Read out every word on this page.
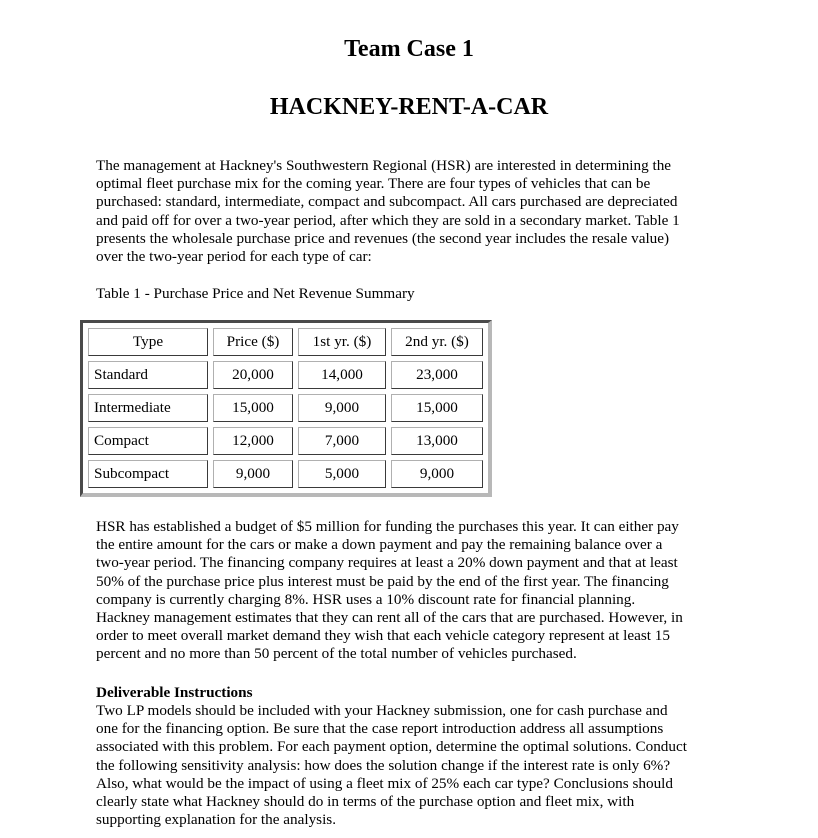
Team Case 1
HACKNEY-RENT-A-CAR
The management at Hackney's Southwestern Regional (HSR) are interested in determining the
optimal fleet purchase mix for the coming year. There are four types of vehicles that can be
purchased: standard, intermediate, compact and subcompact. All cars purchased are depreciated
and paid off for over a two-year period, after which they are sold in a secondary market. Table 1
presents the wholesale purchase price and revenues (the second year includes the resale value)
over the two-year period for each type of car:

Table 1 - Purchase Price and Net Revenue Summary

Type	Price ($)	1st yr. ($)	2nd yr. ($)
Standard	20,000	14,000	23,000
Intermediate	15,000	9,000	15,000
Compact	12,000	7,000	13,000
Subcompact	9,000	5,000	9,000
HSR has established a budget of $5 million for funding the purchases this year. It can either pay
the entire amount for the cars or make a down payment and pay the remaining balance over a
two-year period. The financing company requires at least a 20% down payment and that at least
50% of the purchase price plus interest must be paid by the end of the first year. The financing
company is currently charging 8%. HSR uses a 10% discount rate for financial planning.
Hackney management estimates that they can rent all of the cars that are purchased. However, in
order to meet overall market demand they wish that each vehicle category represent at least 15
percent and no more than 50 percent of the total number of vehicles purchased.

Deliverable Instructions

Two LP models should be included with your Hackney submission, one for cash purchase and
one for the financing option. Be sure that the case report introduction address all assumptions
associated with this problem. For each payment option, determine the optimal solutions. Conduct
the following sensitivity analysis: how does the solution change if the interest rate is only 6%?
Also, what would be the impact of using a fleet mix of 25% each car type? Conclusions should
clearly state what Hackney should do in terms of the purchase option and fleet mix, with
supporting explanation for the analysis.
